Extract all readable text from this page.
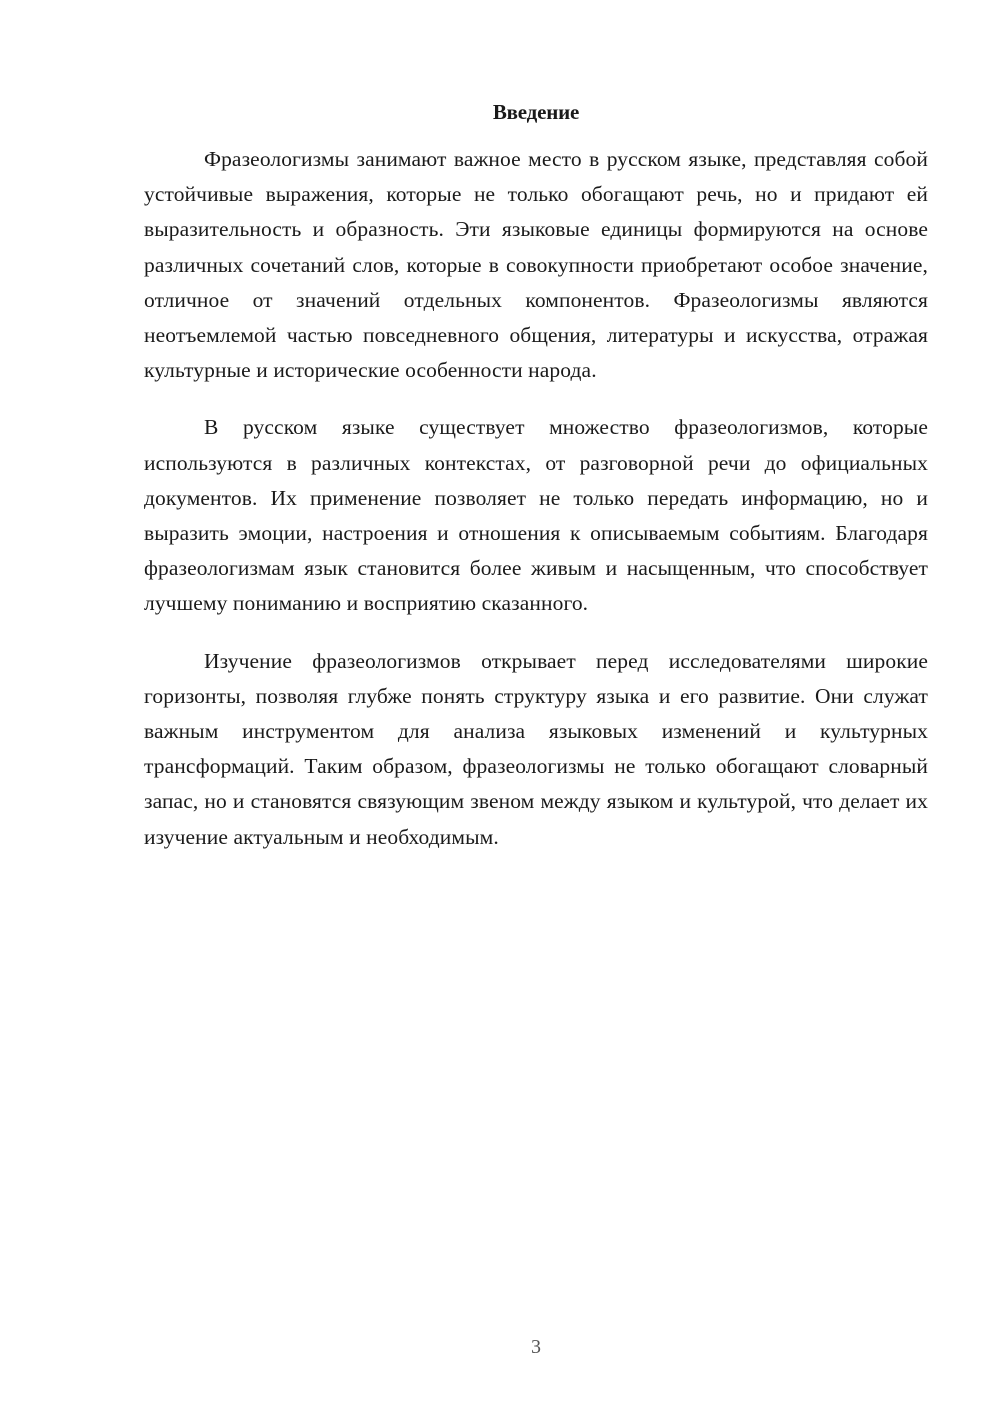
Введение

Фразеологизмы занимают важное место в русском языке, представляя собой устойчивые выражения, которые не только обогащают речь, но и придают ей выразительность и образность. Эти языковые единицы формируются на основе различных сочетаний слов, которые в совокупности приобретают особое значение, отличное от значений отдельных компонентов. Фразеологизмы являются неотъемлемой частью повседневного общения, литературы и искусства, отражая культурные и исторические особенности народа.

В русском языке существует множество фразеологизмов, которые используются в различных контекстах, от разговорной речи до официальных документов. Их применение позволяет не только передать информацию, но и выразить эмоции, настроения и отношения к описываемым событиям. Благодаря фразеологизмам язык становится более живым и насыщенным, что способствует лучшему пониманию и восприятию сказанного.

Изучение фразеологизмов открывает перед исследователями широкие горизонты, позволяя глубже понять структуру языка и его развитие. Они служат важным инструментом для анализа языковых изменений и культурных трансформаций. Таким образом, фразеологизмы не только обогащают словарный запас, но и становятся связующим звеном между языком и культурой, что делает их изучение актуальным и необходимым.

3
